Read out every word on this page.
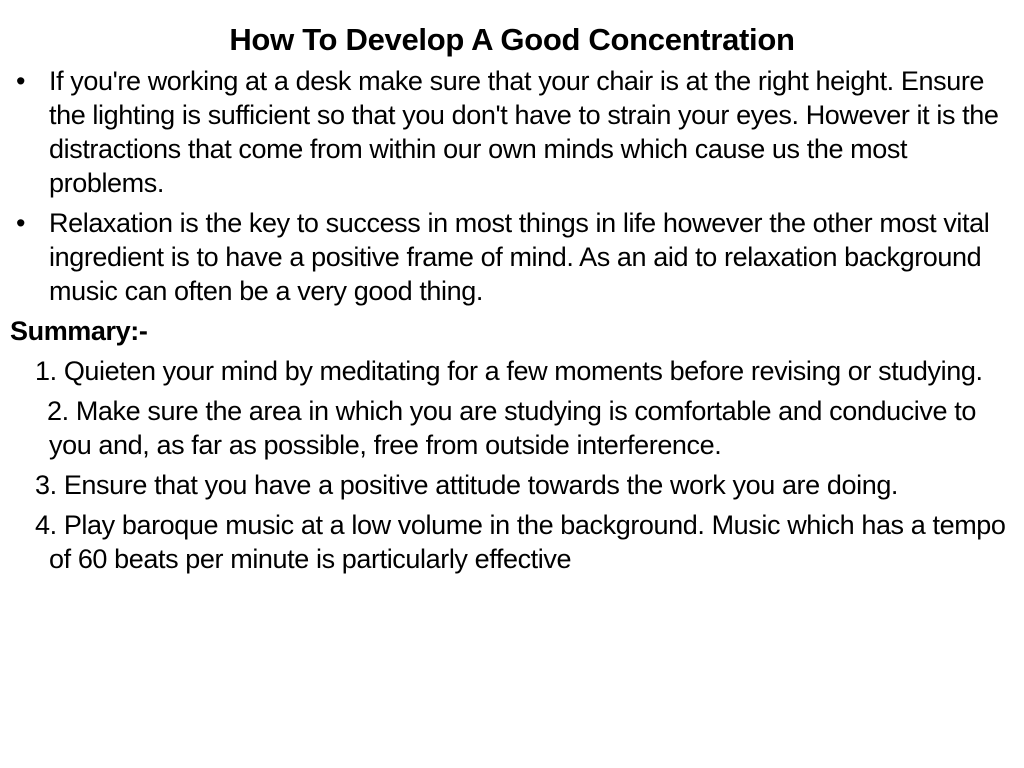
How To Develop A Good Concentration
• If you're working at a desk make sure that your chair is at the right height. Ensure the lighting is sufficient so that you don't have to strain your eyes. However it is the distractions that come from within our own minds which cause us the most problems.
• Relaxation is the key to success in most things in life however the other most vital ingredient is to have a positive frame of mind. As an aid to relaxation background music can often be a very good thing.
Summary:-
1. Quieten your mind by meditating for a few moments before revising or studying.
2. Make sure the area in which you are studying is comfortable and conducive to you and, as far as possible, free from outside interference.
3. Ensure that you have a positive attitude towards the work you are doing.
4. Play baroque music at a low volume in the background. Music which has a tempo of 60 beats per minute is particularly effective
